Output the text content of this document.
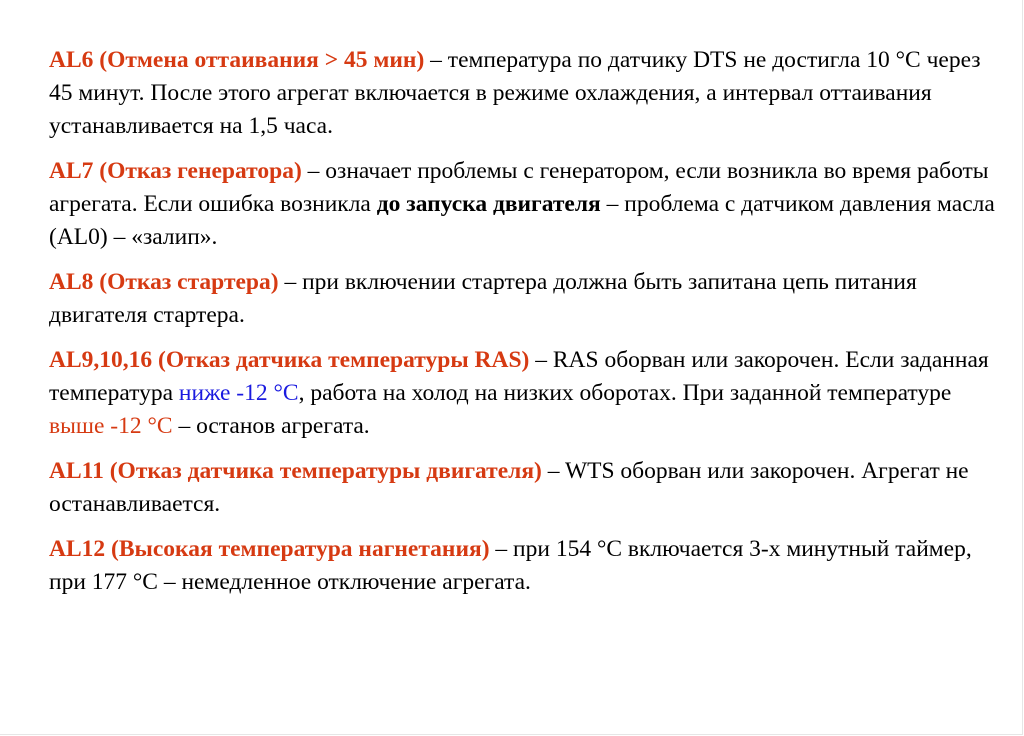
AL6 (Отмена оттаивания > 45 мин) – температура по датчику DTS не достигла 10 °С через 45 минут. После этого агрегат включается в режиме охлаждения, а интервал оттаивания устанавливается на 1,5 часа.

AL7 (Отказ генератора) – означает проблемы с генератором, если возникла во время работы агрегата. Если ошибка возникла до запуска двигателя – проблема с датчиком давления масла (AL0) – «залип».

AL8 (Отказ стартера) – при включении стартера должна быть запитана цепь питания двигателя стартера.

AL9,10,16 (Отказ датчика температуры RAS) – RAS оборван или закорочен. Если заданная температура ниже -12 °С, работа на холод на низких оборотах. При заданной температуре выше -12 °С – останов агрегата.

AL11 (Отказ датчика температуры двигателя) – WTS оборван или закорочен. Агрегат не останавливается.

AL12 (Высокая температура нагнетания) – при 154 °С включается 3-х минутный таймер, при 177 °С – немедленное отключение агрегата.
